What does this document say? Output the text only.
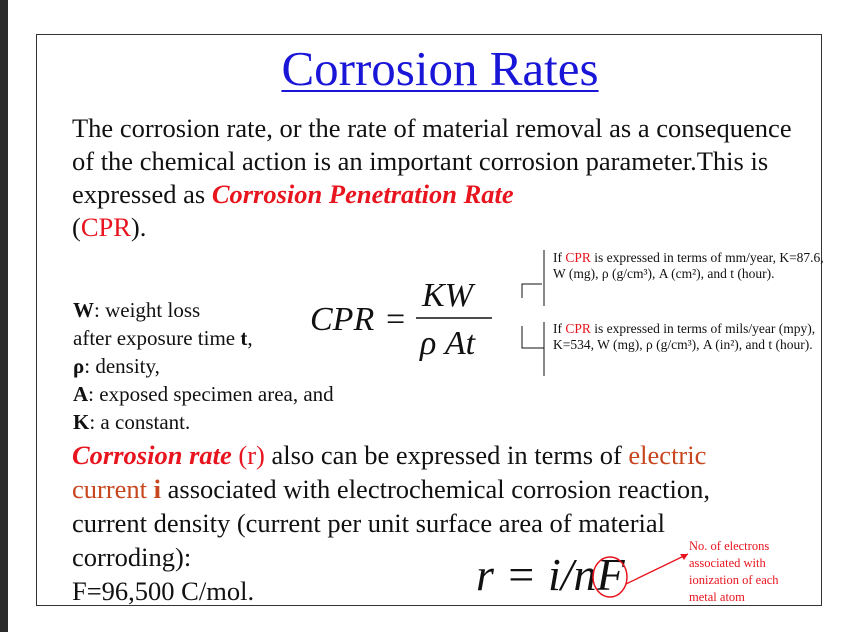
Corrosion Rates
The corrosion rate, or the rate of material removal as a consequence of the chemical action is an important corrosion parameter.This is expressed as Corrosion Penetration Rate
(CPR).
W: weight loss
after exposure time t,
ρ: density,
A: exposed specimen area, and
K: a constant.
CPR =
KW
ρ At
If CPR is expressed in terms of mm/year, K=87.6, W (mg), ρ (g/cm³), A (cm²), and t (hour).
If CPR is expressed in terms of mils/year (mpy), K=534, W (mg), ρ (g/cm³), A (in²), and t (hour).
Corrosion rate (r) also can be expressed in terms of electric
current i associated with electrochemical corrosion reaction,
current density (current per unit surface area of material
corroding):
F=96,500 C/mol.	r = i/nF
No. of electrons
associated with
ionization of each
metal atom
